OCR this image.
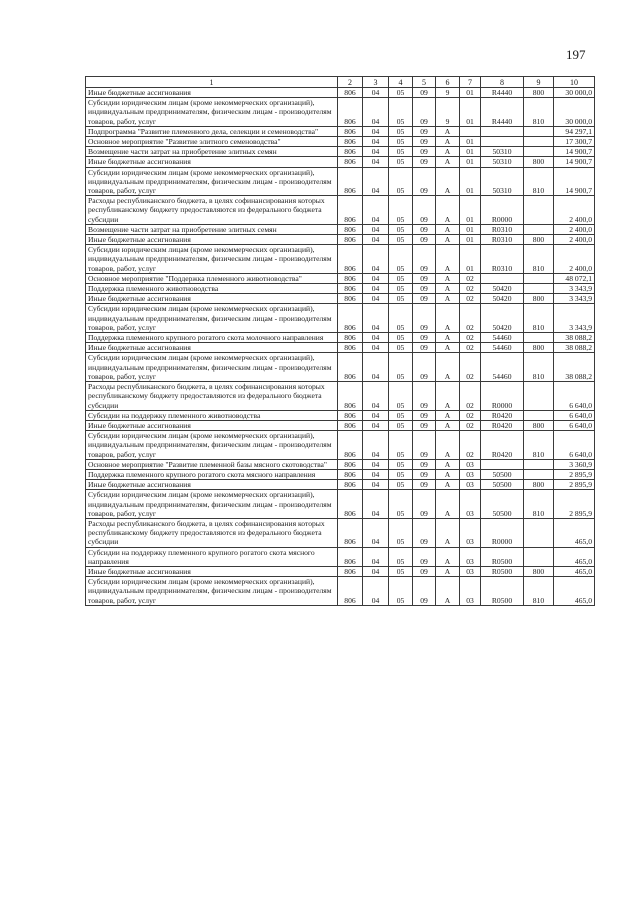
197
1	2	3	4	5	6	7	8	9	10
Иные бюджетные ассигнования	806	04	05	09	9	01	R4440	800	30 000,0
Субсидии юридическим лицам (кроме некоммерческих организаций), индивидуальным предпринимателям, физическим лицам - производителям товаров, работ, услуг	806	04	05	09	9	01	R4440	810	30 000,0
Подпрограмма "Развитие племенного дела, селекции и семеноводства"	806	04	05	09	А				94 297,1
Основное мероприятие "Развитие элитного семеноводства"	806	04	05	09	А	01			17 300,7
Возмещение части затрат на приобретение элитных семян	806	04	05	09	А	01	50310		14 900,7
Иные бюджетные ассигнования	806	04	05	09	А	01	50310	800	14 900,7
Субсидии юридическим лицам (кроме некоммерческих организаций), индивидуальным предпринимателям, физическим лицам - производителям товаров, работ, услуг	806	04	05	09	А	01	50310	810	14 900,7
Расходы республиканского бюджета, в целях софинансирования которых республиканскому бюджету предоставляются из федерального бюджета субсидии	806	04	05	09	А	01	R0000		2 400,0
Возмещение части затрат на приобретение элитных семян	806	04	05	09	А	01	R0310		2 400,0
Иные бюджетные ассигнования	806	04	05	09	А	01	R0310	800	2 400,0
Субсидии юридическим лицам (кроме некоммерческих организаций), индивидуальным предпринимателям, физическим лицам - производителям товаров, работ, услуг	806	04	05	09	А	01	R0310	810	2 400,0
Основное мероприятие "Поддержка племенного животноводства"	806	04	05	09	А	02			48 072,1
Поддержка племенного животноводства	806	04	05	09	А	02	50420		3 343,9
Иные бюджетные ассигнования	806	04	05	09	А	02	50420	800	3 343,9
Субсидии юридическим лицам (кроме некоммерческих организаций), индивидуальным предпринимателям, физическим лицам - производителям товаров, работ, услуг	806	04	05	09	А	02	50420	810	3 343,9
Поддержка племенного крупного рогатого скота молочного направления	806	04	05	09	А	02	54460		38 088,2
Иные бюджетные ассигнования	806	04	05	09	А	02	54460	800	38 088,2
Субсидии юридическим лицам (кроме некоммерческих организаций), индивидуальным предпринимателям, физическим лицам - производителям товаров, работ, услуг	806	04	05	09	А	02	54460	810	38 088,2
Расходы республиканского бюджета, в целях софинансирования которых республиканскому бюджету предоставляются из федерального бюджета субсидии	806	04	05	09	А	02	R0000		6 640,0
Субсидии на поддержку племенного животноводства	806	04	05	09	А	02	R0420		6 640,0
Иные бюджетные ассигнования	806	04	05	09	А	02	R0420	800	6 640,0
Субсидии юридическим лицам (кроме некоммерческих организаций), индивидуальным предпринимателям, физическим лицам - производителям товаров, работ, услуг	806	04	05	09	А	02	R0420	810	6 640,0
Основное мероприятие "Развитие племенной базы мясного скотоводства"	806	04	05	09	А	03			3 360,9
Поддержка племенного крупного рогатого скота мясного направления	806	04	05	09	А	03	50500		2 895,9
Иные бюджетные ассигнования	806	04	05	09	А	03	50500	800	2 895,9
Субсидии юридическим лицам (кроме некоммерческих организаций), индивидуальным предпринимателям, физическим лицам - производителям товаров, работ, услуг	806	04	05	09	А	03	50500	810	2 895,9
Расходы республиканского бюджета, в целях софинансирования которых республиканскому бюджету предоставляются из федерального бюджета субсидии	806	04	05	09	А	03	R0000		465,0
Субсидии на поддержку племенного крупного рогатого скота мясного направления	806	04	05	09	А	03	R0500		465,0
Иные бюджетные ассигнования	806	04	05	09	А	03	R0500	800	465,0
Субсидии юридическим лицам (кроме некоммерческих организаций), индивидуальным предпринимателям, физическим лицам - производителям товаров, работ, услуг	806	04	05	09	А	03	R0500	810	465,0
